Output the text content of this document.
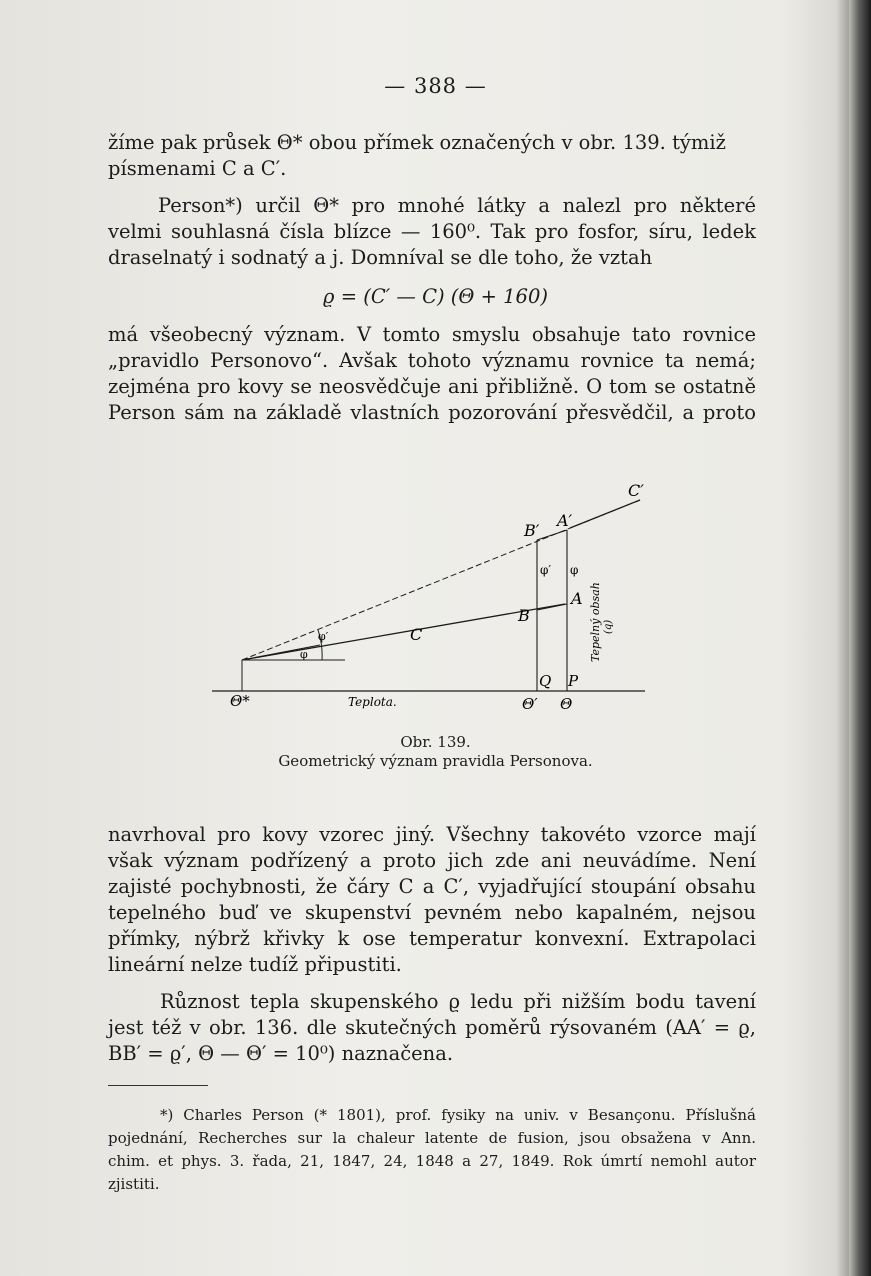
— 388 —
žíme pak průsek Θ* obou přímek označených v obr. 139. týmiž
písmenami C a C′.
Person*) určil Θ* pro mnohé látky a nalezl pro některé
velmi souhlasná čísla blízce — 160⁰. Tak pro fosfor, síru, ledek
draselnatý i sodnatý a j. Domníval se dle toho, že vztah
ϱ = (C′ — C) (Θ + 160)
má všeobecný význam. V tomto smyslu obsahuje tato rovnice
„pravidlo Personovo“. Avšak tohoto významu rovnice ta nemá;
zejména pro kovy se neosvědčuje ani přibližně. O tom se ostatně
Person sám na základě vlastních pozorování přesvědčil, a proto
C′
A′
B′
φ′ φ
A
B
C
φ′
φ
Q P
Θ*	Θ′ Θ
Teplota.
Tepelný obsah (q)
Obr. 139.
Geometrický význam pravidla Personova.
navrhoval pro kovy vzorec jiný. Všechny takovéto vzorce mají
však význam podřízený a proto jich zde ani neuvádíme. Není
zajisté pochybnosti, že čáry C a C′, vyjadřující stoupání obsahu
tepelného buď ve skupenství pevném nebo kapalném, nejsou
přímky, nýbrž křivky k ose temperatur konvexní. Extrapolaci
lineární nelze tudíž připustiti.
Různost tepla skupenského ϱ ledu při nižším bodu tavení
jest též v obr. 136. dle skutečných poměrů rýsovaném (AA′ = ϱ,
BB′ = ϱ′, Θ — Θ′ = 10⁰) naznačena.
*) Charles Person (* 1801), prof. fysiky na univ. v Besançonu. Příslušná
pojednání, Recherches sur la chaleur latente de fusion, jsou obsažena v Ann.
chim. et phys. 3. řada, 21, 1847, 24, 1848 a 27, 1849. Rok úmrtí nemohl autor
zjistiti.
